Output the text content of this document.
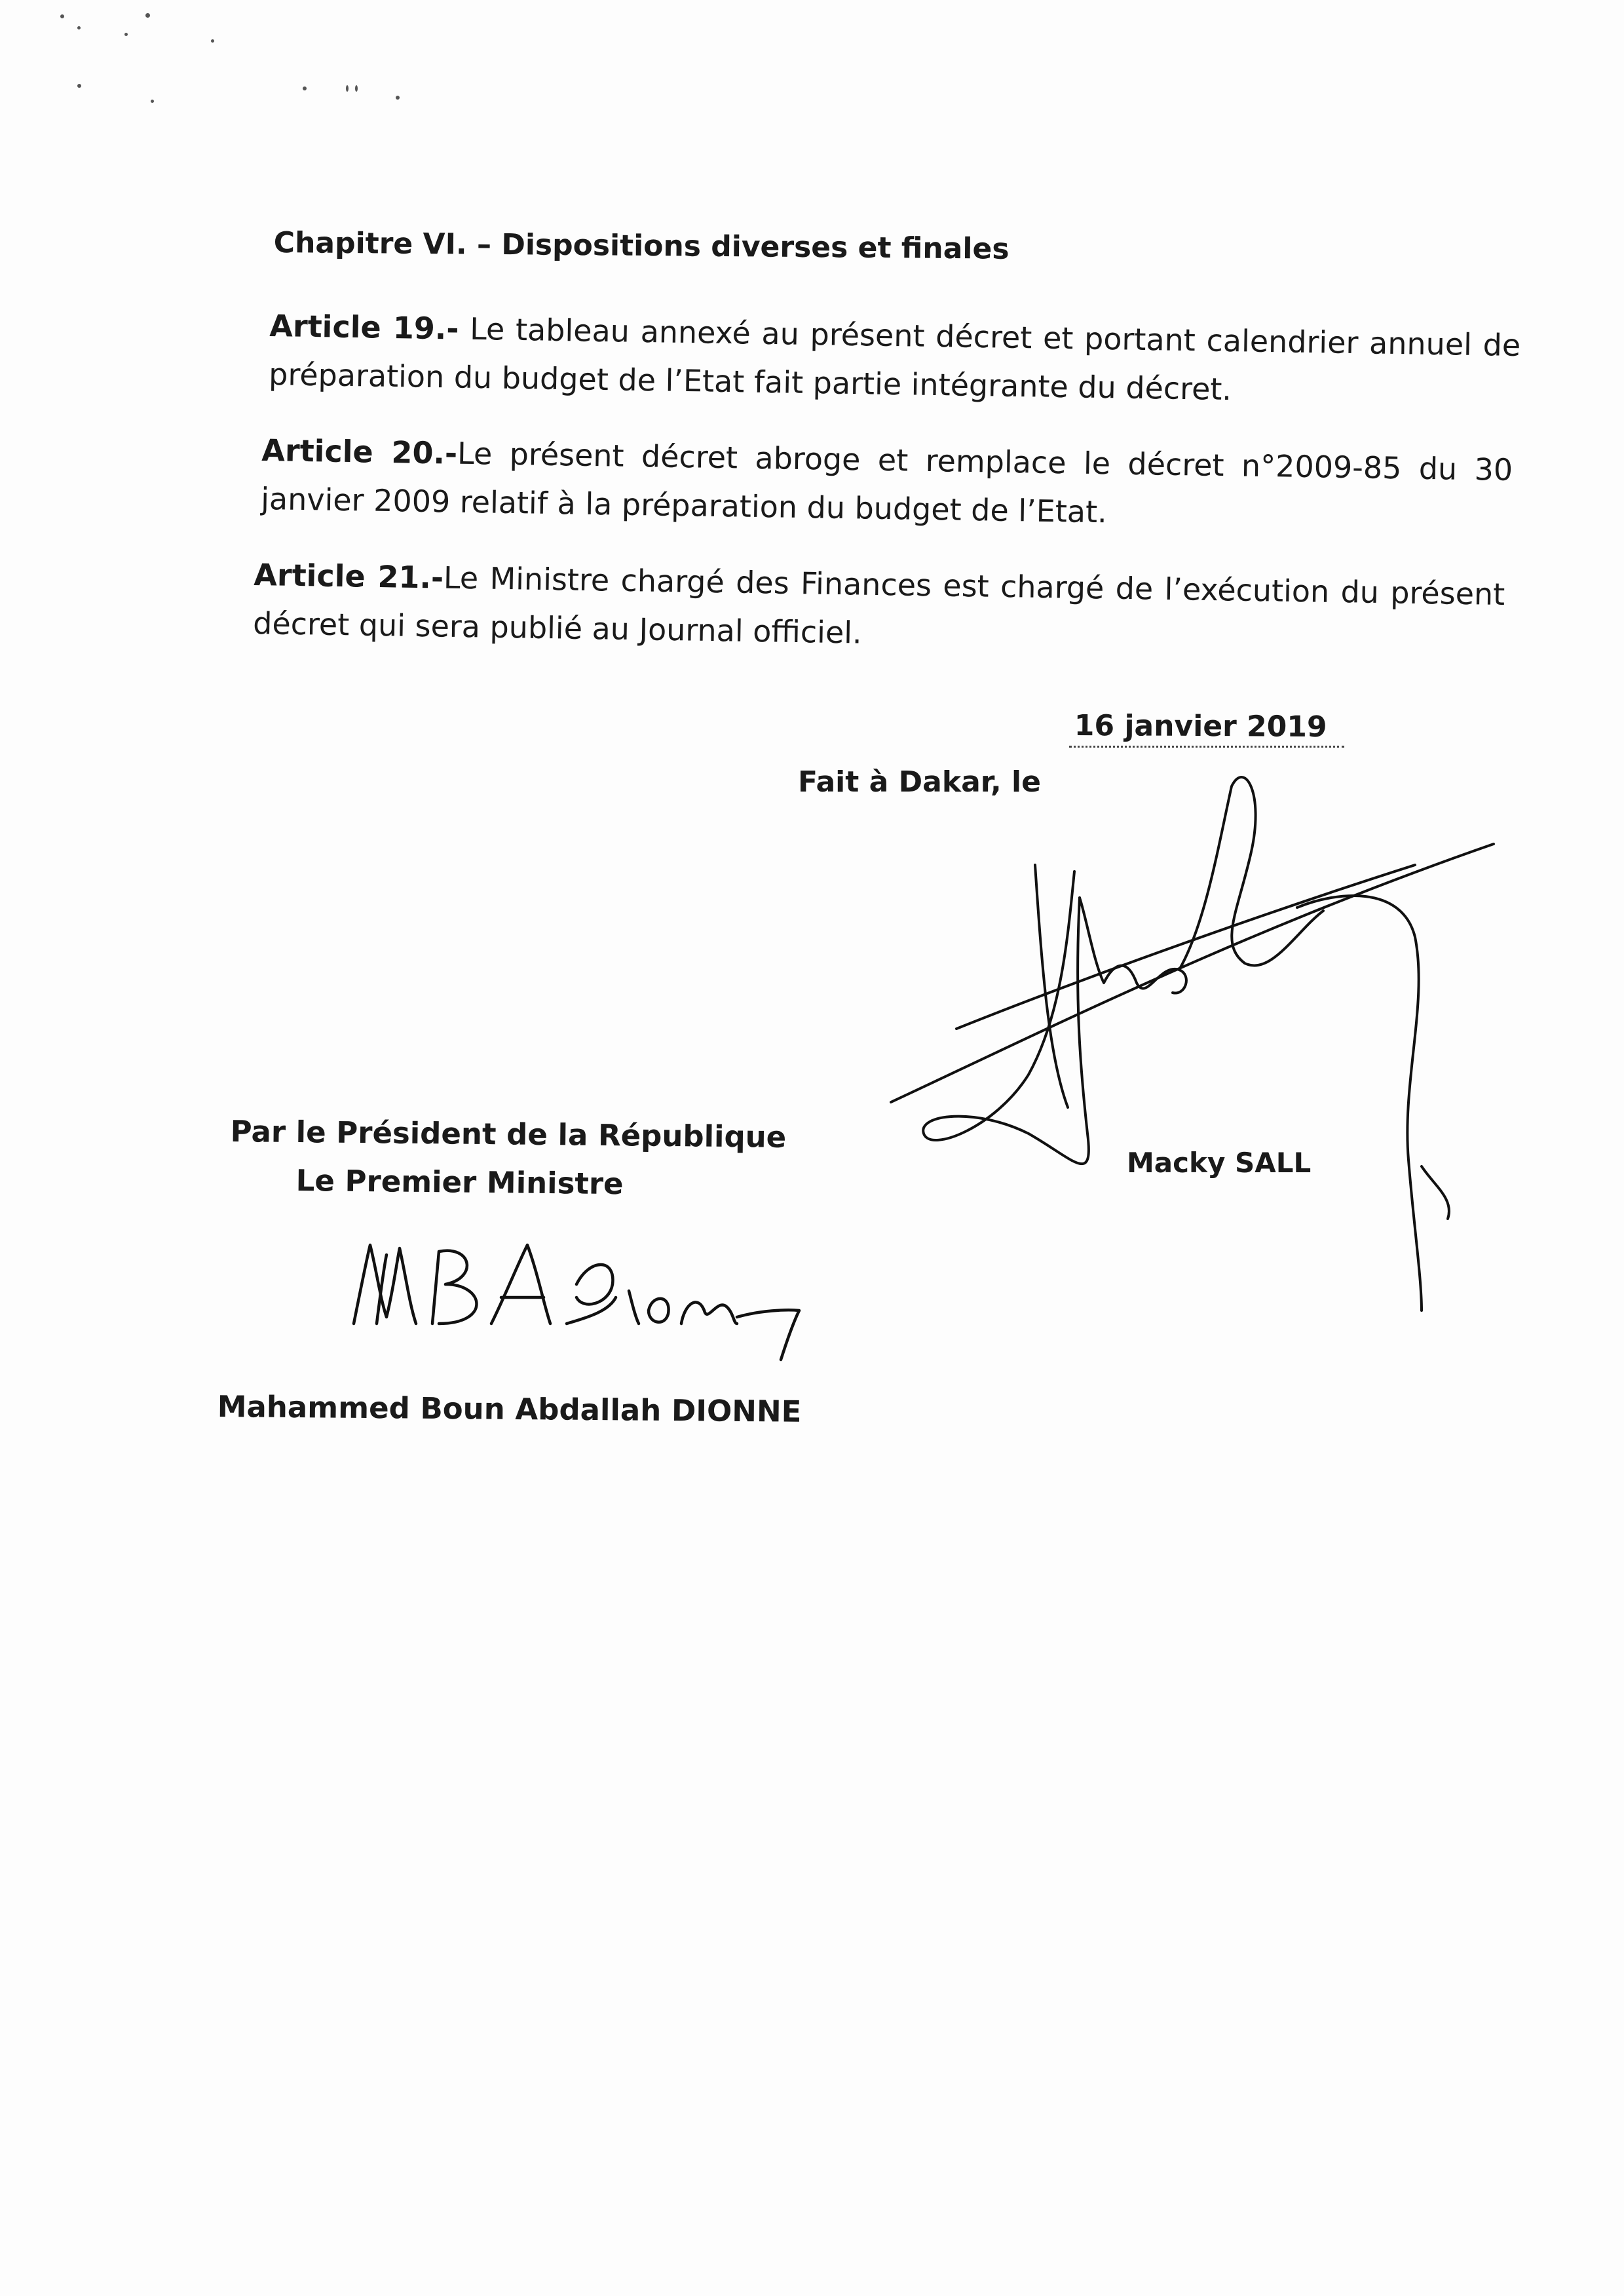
Chapitre VI. – Dispositions diverses et finales
Article 19.- Le tableau annexé au présent décret et portant calendrier annuel de préparation du budget de l’Etat fait partie intégrante du décret.
Article 20.-Le présent décret abroge et remplace le décret n°2009-85 du 30 janvier 2009 relatif à la préparation du budget de l’Etat.
Article 21.-Le Ministre chargé des Finances est chargé de l’exécution du présent décret qui sera publié au Journal officiel.
16 janvier 2019
Fait à Dakar, le
Macky SALL
Par le Président de la République
Le Premier Ministre
Mahammed Boun Abdallah DIONNE
